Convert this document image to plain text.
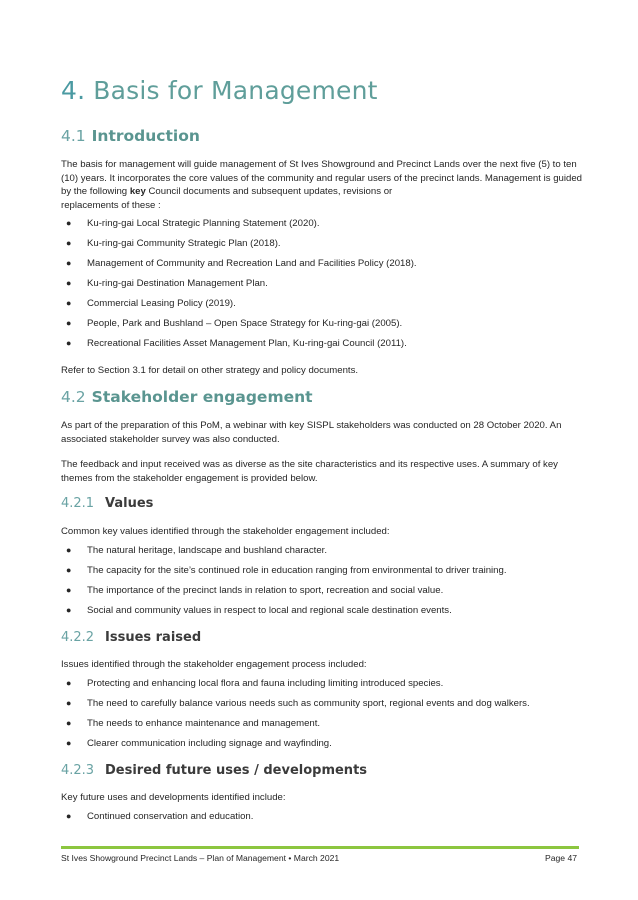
4. Basis for Management
4.1 Introduction
The basis for management will guide management of St Ives Showground and Precinct Lands over the next five (5) to ten (10) years. It incorporates the core values of the community and regular users of the precinct lands. Management is guided by the following key Council documents and subsequent updates, revisions or
replacements of these :
● Ku-ring-gai Local Strategic Planning Statement (2020).
● Ku-ring-gai Community Strategic Plan (2018).
● Management of Community and Recreation Land and Facilities Policy (2018).
● Ku-ring-gai Destination Management Plan.
● Commercial Leasing Policy (2019).
● People, Park and Bushland – Open Space Strategy for Ku-ring-gai (2005).
● Recreational Facilities Asset Management Plan, Ku-ring-gai Council (2011).
Refer to Section 3.1 for detail on other strategy and policy documents.
4.2 Stakeholder engagement
As part of the preparation of this PoM, a webinar with key SISPL stakeholders was conducted on 28 October 2020. An associated stakeholder survey was also conducted.
The feedback and input received was as diverse as the site characteristics and its respective uses. A summary of key themes from the stakeholder engagement is provided below.
4.2.1 Values
Common key values identified through the stakeholder engagement included:
● The natural heritage, landscape and bushland character.
● The capacity for the site’s continued role in education ranging from environmental to driver training.
● The importance of the precinct lands in relation to sport, recreation and social value.
● Social and community values in respect to local and regional scale destination events.
4.2.2 Issues raised
Issues identified through the stakeholder engagement process included:
● Protecting and enhancing local flora and fauna including limiting introduced species.
● The need to carefully balance various needs such as community sport, regional events and dog walkers.
● The needs to enhance maintenance and management.
● Clearer communication including signage and wayfinding.
4.2.3 Desired future uses / developments
Key future uses and developments identified include:
● Continued conservation and education.
St Ives Showground Precinct Lands – Plan of Management • March 2021	Page 47
